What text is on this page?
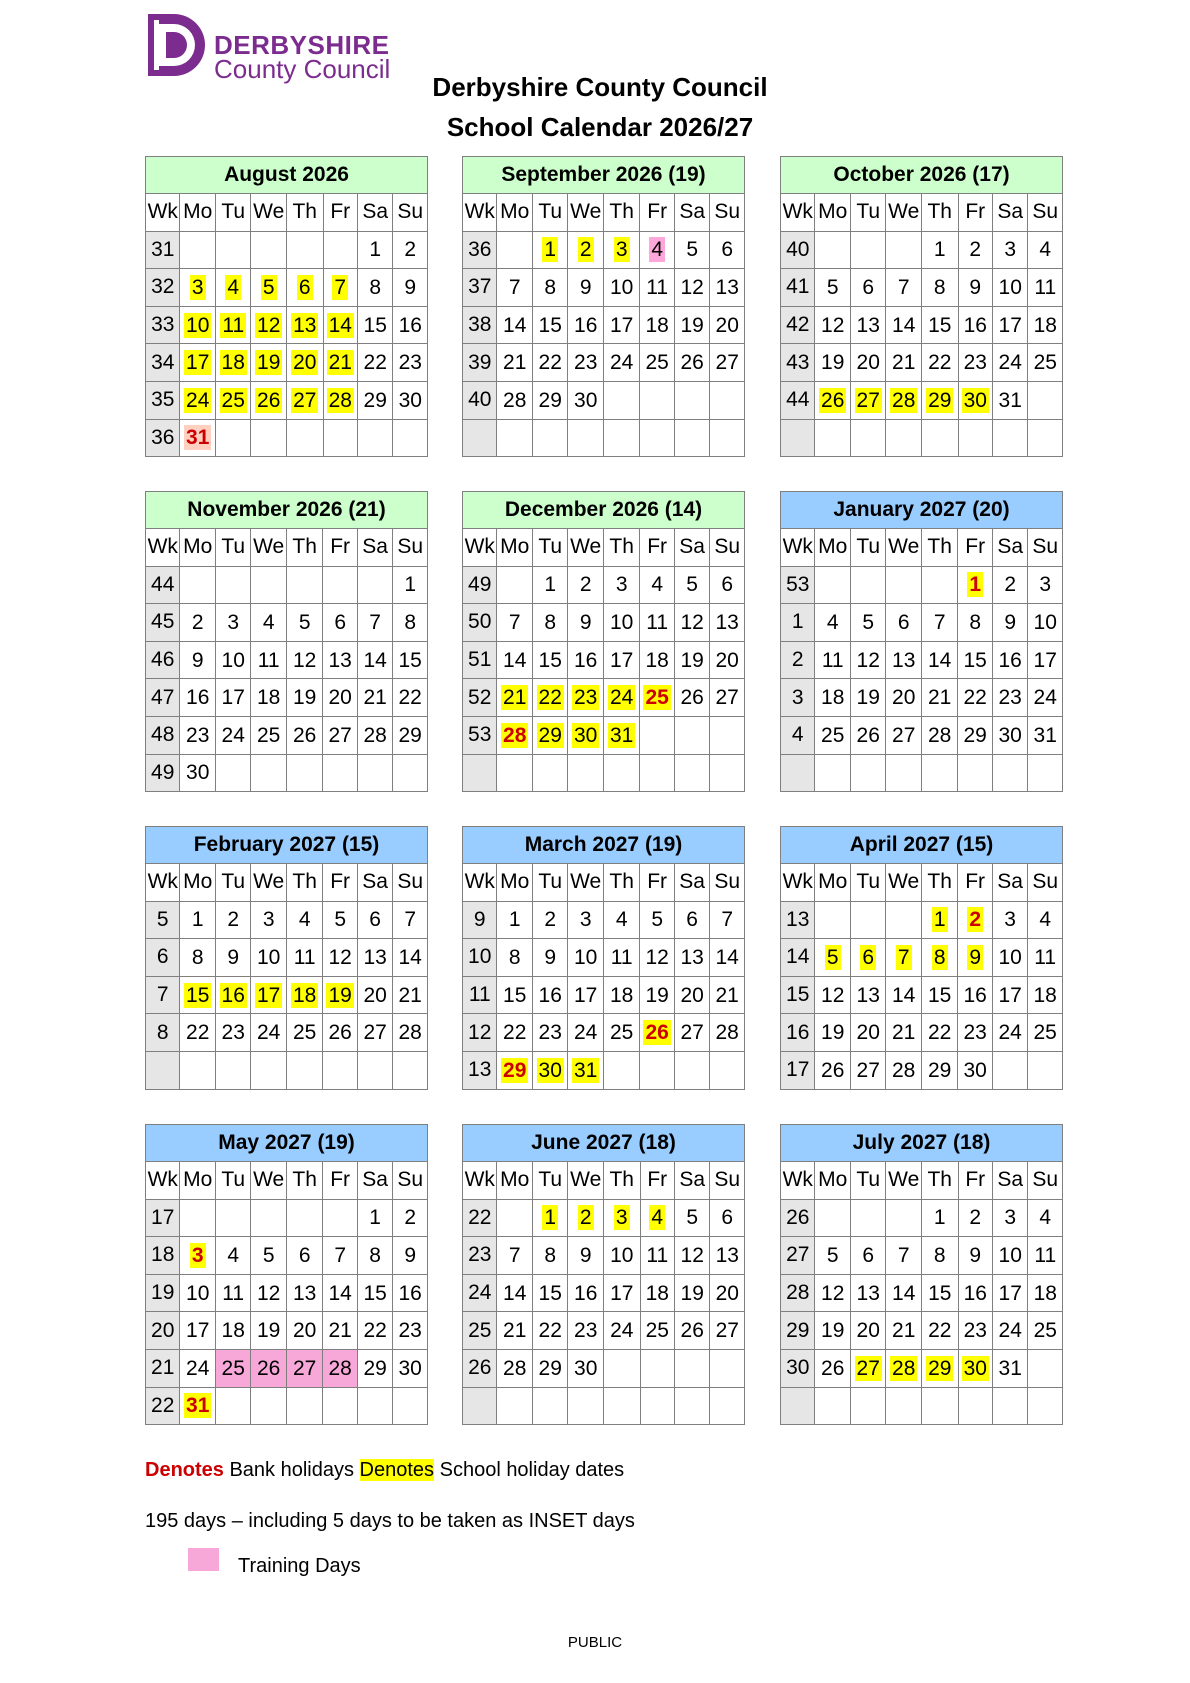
DERBYSHIRE
County Council
Derbyshire County Council
School Calendar 2026/27
August 2026							
Wk	Mo	Tu	We	Th	Fr	Sa	Su
31						1	2
32	3	4	5	6	7	8	9
33	10	11	12	13	14	15	16
34	17	18	19	20	21	22	23
35	24	25	26	27	28	29	30
36	31						
September 2026 (19)							
Wk	Mo	Tu	We	Th	Fr	Sa	Su
36		1	2	3	4	5	6
37	7	8	9	10	11	12	13
38	14	15	16	17	18	19	20
39	21	22	23	24	25	26	27
40	28	29	30				

October 2026 (17)							
Wk	Mo	Tu	We	Th	Fr	Sa	Su
40				1	2	3	4
41	5	6	7	8	9	10	11
42	12	13	14	15	16	17	18
43	19	20	21	22	23	24	25
44	26	27	28	29	30	31	

November 2026 (21)							
Wk	Mo	Tu	We	Th	Fr	Sa	Su
44							1
45	2	3	4	5	6	7	8
46	9	10	11	12	13	14	15
47	16	17	18	19	20	21	22
48	23	24	25	26	27	28	29
49	30						
December 2026 (14)							
Wk	Mo	Tu	We	Th	Fr	Sa	Su
49		1	2	3	4	5	6
50	7	8	9	10	11	12	13
51	14	15	16	17	18	19	20
52	21	22	23	24	25	26	27
53	28	29	30	31			

January 2027 (20)							
Wk	Mo	Tu	We	Th	Fr	Sa	Su
53					1	2	3
1	4	5	6	7	8	9	10
2	11	12	13	14	15	16	17
3	18	19	20	21	22	23	24
4	25	26	27	28	29	30	31

February 2027 (15)							
Wk	Mo	Tu	We	Th	Fr	Sa	Su
5	1	2	3	4	5	6	7
6	8	9	10	11	12	13	14
7	15	16	17	18	19	20	21
8	22	23	24	25	26	27	28

March 2027 (19)							
Wk	Mo	Tu	We	Th	Fr	Sa	Su
9	1	2	3	4	5	6	7
10	8	9	10	11	12	13	14
11	15	16	17	18	19	20	21
12	22	23	24	25	26	27	28
13	29	30	31				
April 2027 (15)							
Wk	Mo	Tu	We	Th	Fr	Sa	Su
13				1	2	3	4
14	5	6	7	8	9	10	11
15	12	13	14	15	16	17	18
16	19	20	21	22	23	24	25
17	26	27	28	29	30		
May 2027 (19)							
Wk	Mo	Tu	We	Th	Fr	Sa	Su
17						1	2
18	3	4	5	6	7	8	9
19	10	11	12	13	14	15	16
20	17	18	19	20	21	22	23
21	24	25	26	27	28	29	30
22	31						
June 2027 (18)							
Wk	Mo	Tu	We	Th	Fr	Sa	Su
22		1	2	3	4	5	6
23	7	8	9	10	11	12	13
24	14	15	16	17	18	19	20
25	21	22	23	24	25	26	27
26	28	29	30				

July 2027 (18)							
Wk	Mo	Tu	We	Th	Fr	Sa	Su
26				1	2	3	4
27	5	6	7	8	9	10	11
28	12	13	14	15	16	17	18
29	19	20	21	22	23	24	25
30	26	27	28	29	30	31	

Denotes Bank holidays Denotes School holiday dates
195 days – including 5 days to be taken as INSET days
Training Days
PUBLIC
